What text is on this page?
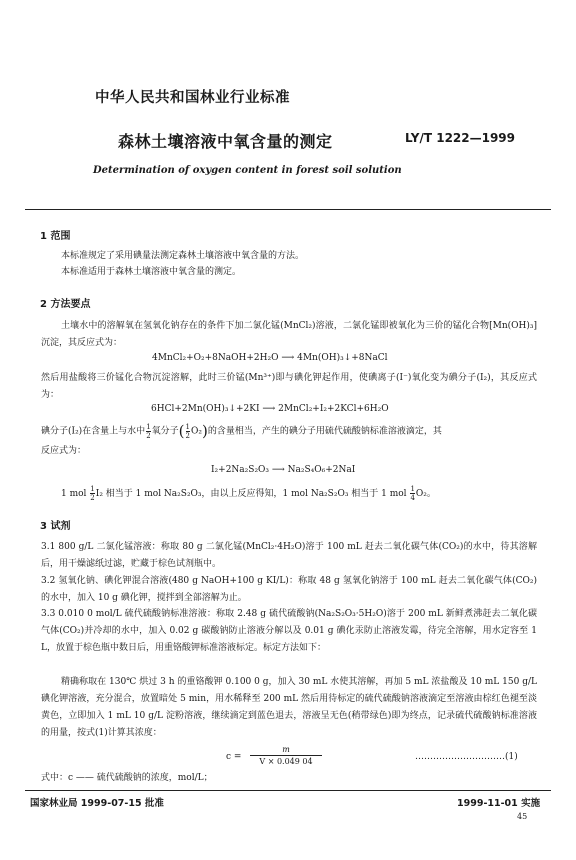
中华人民共和国林业行业标准
森林土壤溶液中氧含量的测定	LY/T 1222—1999
Determination of oxygen content in forest soil solution
1 范围
本标准规定了采用碘量法测定森林土壤溶液中氧含量的方法。
本标准适用于森林土壤溶液中氧含量的测定。
2 方法要点
土壤水中的溶解氧在氢氧化钠存在的条件下加二氯化锰(MnCl₂)溶液，二氯化锰即被氧化为三价的锰化合物[Mn(OH)₃]沉淀，其反应式为：
4MnCl₂+O₂+8NaOH+2H₂O ⟶ 4Mn(OH)₃↓+8NaCl
然后用盐酸将三价锰化合物沉淀溶解，此时三价锰(Mn³⁺)即与碘化钾起作用，使碘离子(I⁻)氧化变为碘分子(I₂)，其反应式为：
6HCl+2Mn(OH)₃↓+2KI ⟶ 2MnCl₂+I₂+2KCl+6H₂O
碘分子(I₂)在含量上与水中 $\frac{1}{2}$ 氧分子( $\frac{1}{2} O_2$)的含量相当，产生的碘分子用硫代硫酸钠标准溶液滴定，其
反应式为：
I₂+2Na₂S₂O₃ ⟶ Na₂S₄O₆+2NaI
1 mol $\frac{1}{2} I_2$ 相当于 1 mol Na₂S₂O₃，由以上反应得知，1 mol Na₂S₂O₃ 相当于 1 mol $\frac{1}{4} O_2$。
3 试剂
3.1 800 g/L 二氯化锰溶液：称取 80 g 二氯化锰(MnCl₂·4H₂O)溶于 100 mL 赶去二氧化碳气体(CO₂)的水中，待其溶解后，用干燥滤纸过滤，贮藏于棕色试剂瓶中。
3.2 氢氧化钠、碘化钾混合溶液(480 g NaOH+100 g KI/L)：称取 48 g 氢氧化钠溶于 100 mL 赶去二氧化碳气体(CO₂)的水中，加入 10 g 碘化钾，搅拌到全部溶解为止。
3.3 0.010 0 mol/L 硫代硫酸钠标准溶液：称取 2.48 g 硫代硫酸钠(Na₂S₂O₃·5H₂O)溶于 200 mL 新鲜煮沸赶去二氧化碳气体(CO₂)并冷却的水中，加入 0.02 g 碳酸钠防止溶液分解以及 0.01 g 碘化汞防止溶液发霉，待完全溶解，用水定容至 1 L，放置于棕色瓶中数日后，用重铬酸钾标准溶液标定。标定方法如下：
精确称取在 130℃ 烘过 3 h 的重铬酸钾 0.100 0 g，加入 30 mL 水使其溶解，再加 5 mL 浓盐酸及 10 mL 150 g/L 碘化钾溶液，充分混合，放置暗处 5 min，用水稀释至 200 mL 然后用待标定的硫代硫酸钠溶液滴定至溶液由棕红色褪至淡黄色，立即加入 1 mL 10 g/L 淀粉溶液，继续滴定到蓝色退去，溶液呈无色(稍带绿色)即为终点，记录硫代硫酸钠标准溶液的用量，按式(1)计算其浓度：
$c = \frac{m}{V \times 0.049 04}$	…………………………(1)
式中：c —— 硫代硫酸钠的浓度，mol/L；
国家林业局 1999-07-15 批准	1999-11-01 实施
45
